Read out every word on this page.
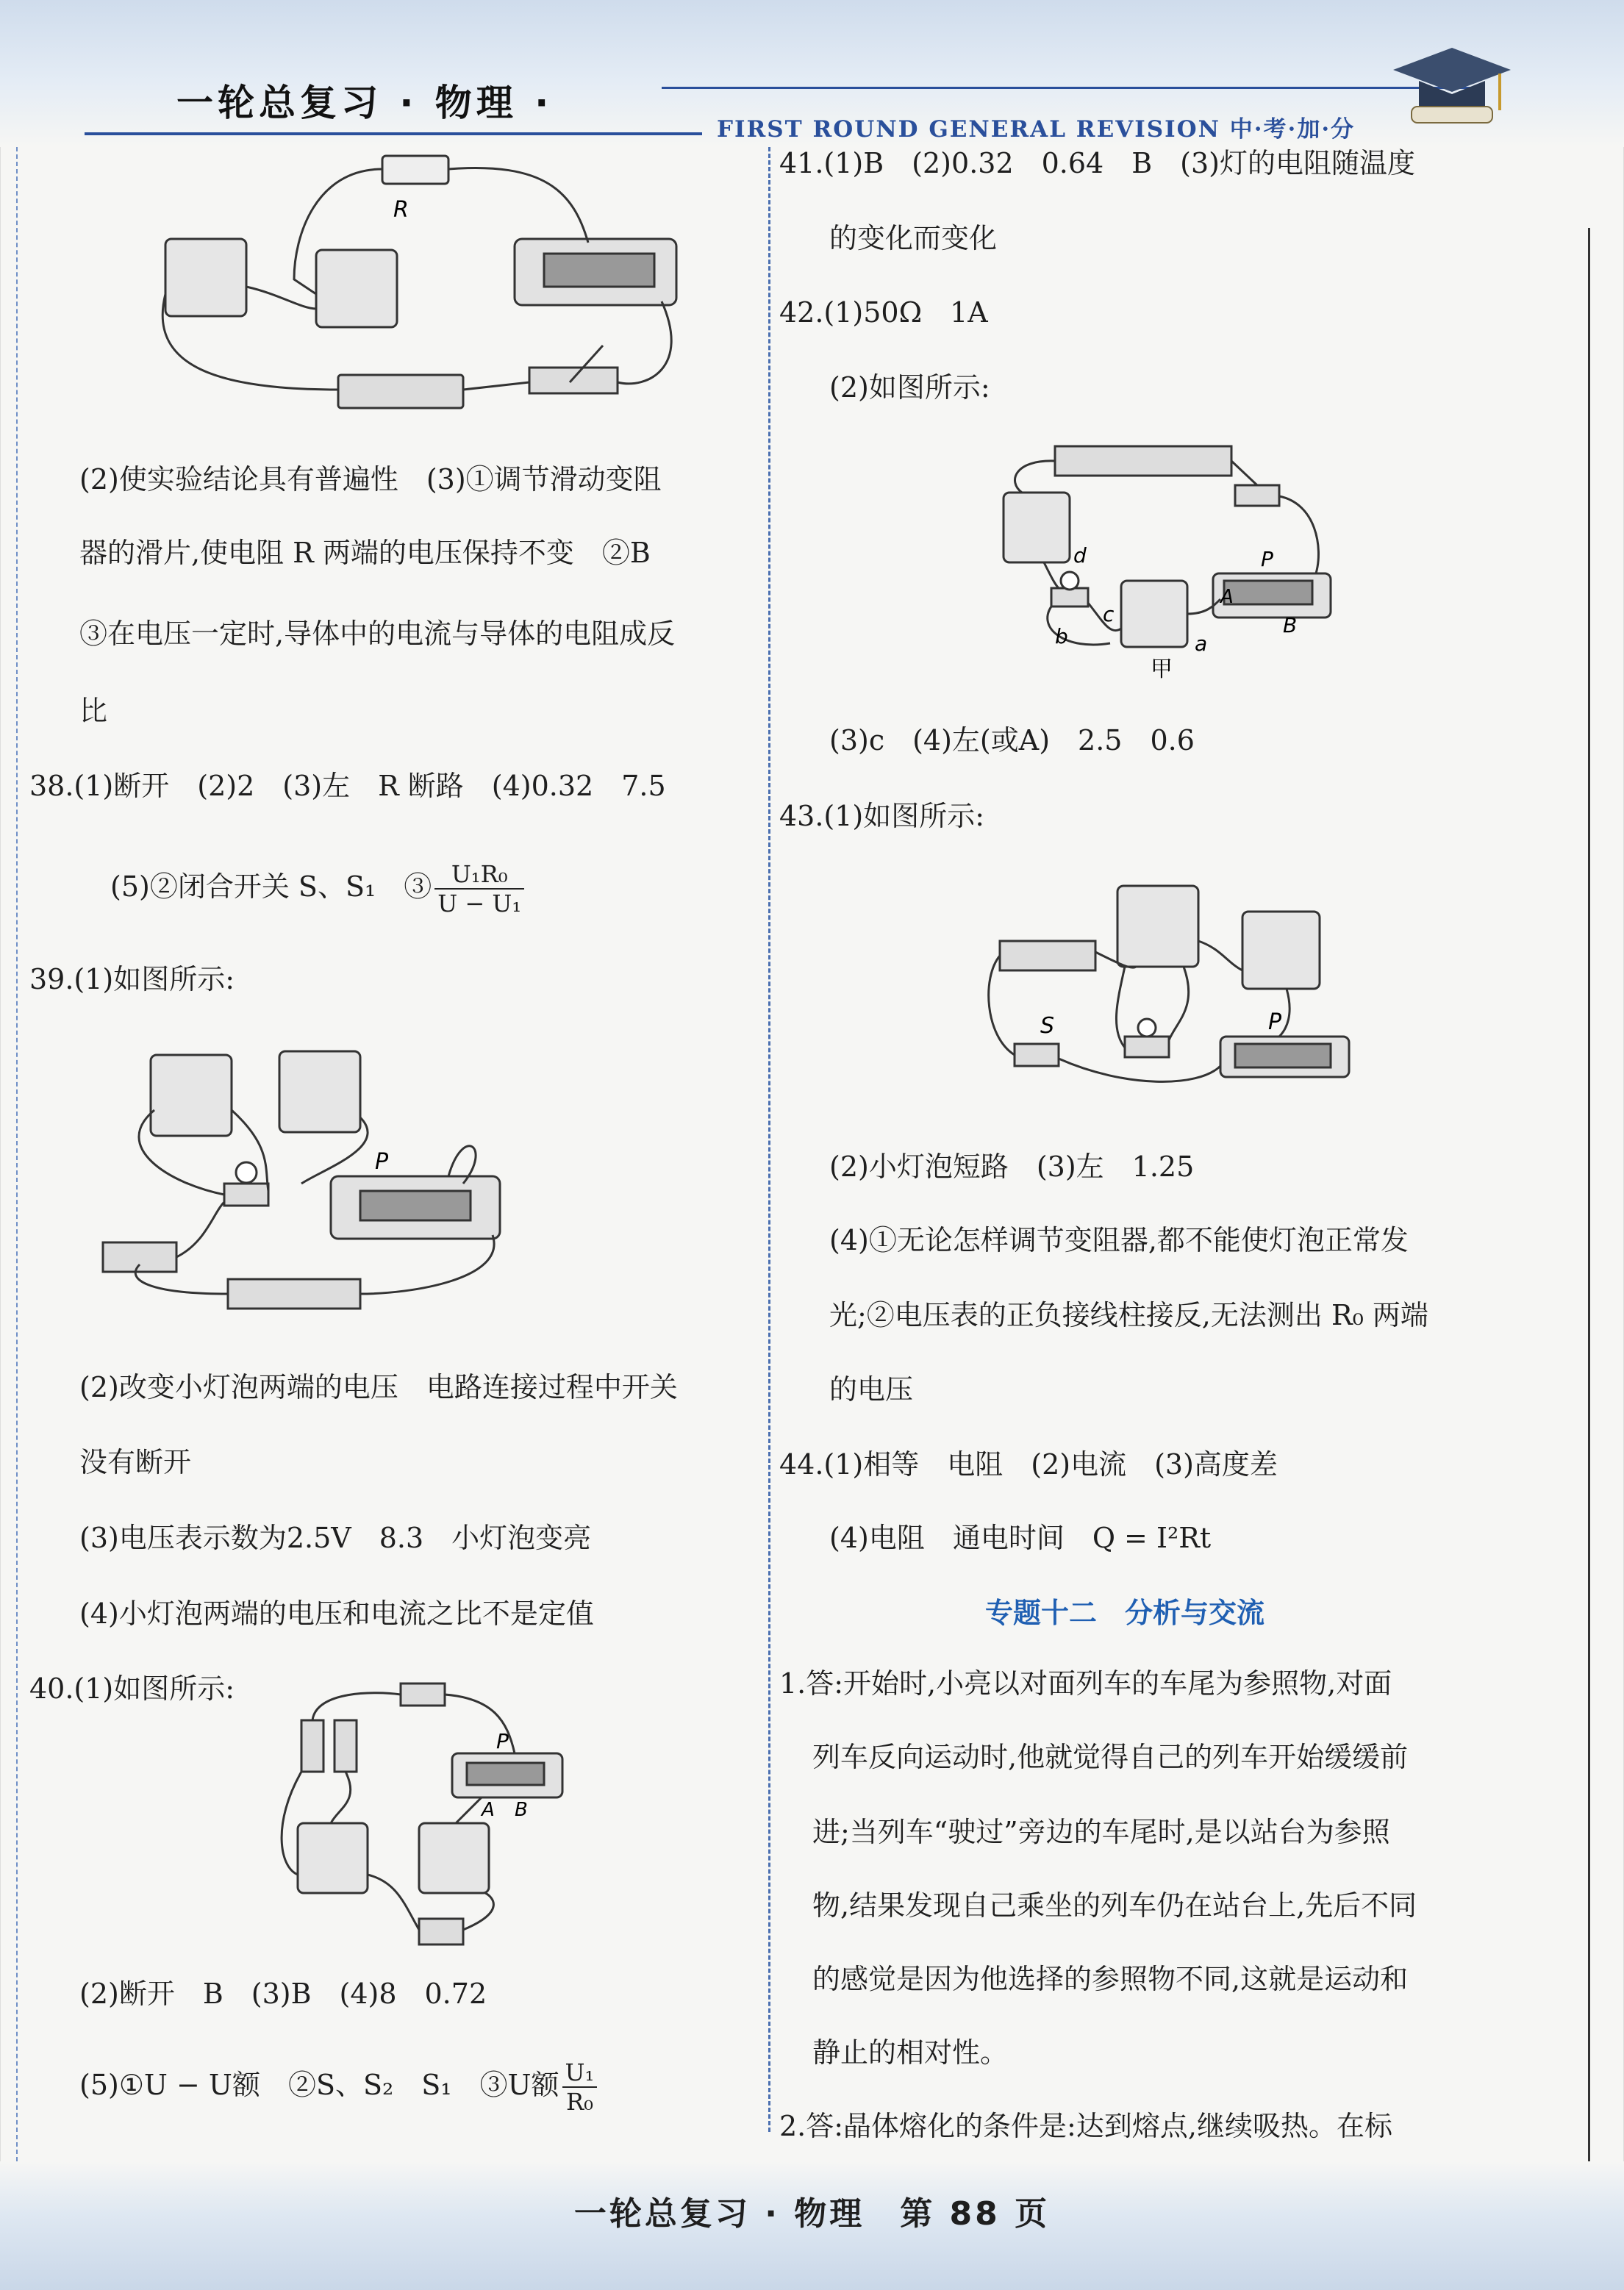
一轮总复习 · 物理 ·
FIRST ROUND GENERAL REVISION 中·考·加·分
R
(2)使实验结论具有普遍性　(3)①调节滑动变阻
器的滑片,使电阻 R 两端的电压保持不变　②B
③在电压一定时,导体中的电流与导体的电阻成反
比
38.(1)断开　(2)2　(3)左　R 断路　(4)0.32　7.5
(5)②闭合开关 S、S₁　③ $\frac{\text{U₁R₀}}{\text{U − U₁}}$
39.(1)如图所示:
P
(2)改变小灯泡两端的电压　电路连接过程中开关
没有断开
(3)电压表示数为2.5V　8.3　小灯泡变亮
(4)小灯泡两端的电压和电流之比不是定值
40.(1)如图所示:
P
A B
(2)断开　B　(3)B　(4)8　0.72
(5)①U − U额　②S、S₂　S₁　③U额 $\frac{\text{U₁}}{\text{R₀}}$
41.(1)B　(2)0.32　0.64　B　(3)灯的电阻随温度
的变化而变化
42.(1)50Ω　1A
(2)如图所示:
d
c
b	a
P
B
A
甲
(3)c　(4)左(或A)　2.5　0.6
43.(1)如图所示:
S	P
(2)小灯泡短路　(3)左　1.25
(4)①无论怎样调节变阻器,都不能使灯泡正常发
光;②电压表的正负接线柱接反,无法测出 R₀ 两端
的电压
44.(1)相等　电阻　(2)电流　(3)高度差
(4)电阻　通电时间　Q = I²Rt
专题十二　分析与交流
1.答:开始时,小亮以对面列车的车尾为参照物,对面
列车反向运动时,他就觉得自己的列车开始缓缓前
进;当列车“驶过”旁边的车尾时,是以站台为参照
物,结果发现自己乘坐的列车仍在站台上,先后不同
的感觉是因为他选择的参照物不同,这就是运动和
静止的相对性。
2.答:晶体熔化的条件是:达到熔点,继续吸热。在标
一轮总复习 · 物理　第 88 页
